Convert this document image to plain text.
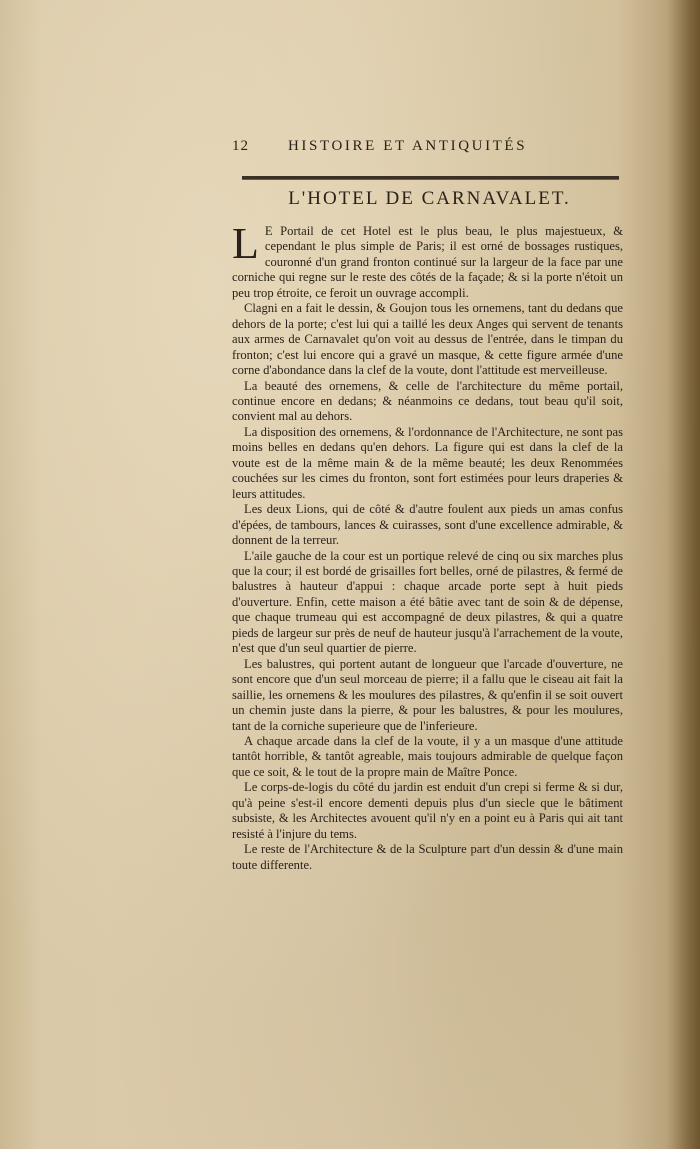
12	HISTOIRE ET ANTIQUITÉS
L'HOTEL DE CARNAVALET.

L E Portail de cet Hotel est le plus beau, le plus majestueux, & cependant le plus simple de Paris; il est orné de bossages rustiques, couronné d'un grand fronton continué sur la largeur de la face par une corniche qui regne sur le reste des côtés de la façade; & si la porte n'étoit un peu trop étroite, ce feroit un ouvrage accompli.

Clagni en a fait le dessin, & Goujon tous les ornemens, tant du dedans que dehors de la porte; c'est lui qui a taillé les deux Anges qui servent de tenants aux armes de Carnavalet qu'on voit au dessus de l'entrée, dans le timpan du fronton; c'est lui encore qui a gravé un masque, & cette figure armée d'une corne d'abondance dans la clef de la voute, dont l'attitude est merveilleuse.

La beauté des ornemens, & celle de l'architecture du même portail, continue encore en dedans; & néanmoins ce dedans, tout beau qu'il soit, convient mal au dehors.

La disposition des ornemens, & l'ordonnance de l'Architecture, ne sont pas moins belles en dedans qu'en dehors. La figure qui est dans la clef de la voute est de la même main & de la même beauté; les deux Renommées couchées sur les cimes du fronton, sont fort estimées pour leurs draperies & leurs attitudes.

Les deux Lions, qui de côté & d'autre foulent aux pieds un amas confus d'épées, de tambours, lances & cuirasses, sont d'une excellence admirable, & donnent de la terreur.

L'aile gauche de la cour est un portique relevé de cinq ou six marches plus que la cour; il est bordé de grisailles fort belles, orné de pilastres, & fermé de balustres à hauteur d'appui : chaque arcade porte sept à huit pieds d'ouverture. Enfin, cette maison a été bâtie avec tant de soin & de dépense, que chaque trumeau qui est accompagné de deux pilastres, & qui a quatre pieds de largeur sur près de neuf de hauteur jusqu'à l'arrachement de la voute, n'est que d'un seul quartier de pierre.

Les balustres, qui portent autant de longueur que l'arcade d'ouverture, ne sont encore que d'un seul morceau de pierre; il a fallu que le ciseau ait fait la saillie, les ornemens & les moulures des pilastres, & qu'enfin il se soit ouvert un chemin juste dans la pierre, & pour les balustres, & pour les moulures, tant de la corniche superieure que de l'inferieure.

A chaque arcade dans la clef de la voute, il y a un masque d'une attitude tantôt horrible, & tantôt agreable, mais toujours admirable de quelque façon que ce soit, & le tout de la propre main de Maître Ponce.

Le corps-de-logis du côté du jardin est enduit d'un crepi si ferme & si dur, qu'à peine s'est-il encore dementi depuis plus d'un siecle que le bâtiment subsiste, & les Architectes avouent qu'il n'y en a point eu à Paris qui ait tant resisté à l'injure du tems.

Le reste de l'Architecture & de la Sculpture part d'un dessin & d'une main toute differente.
